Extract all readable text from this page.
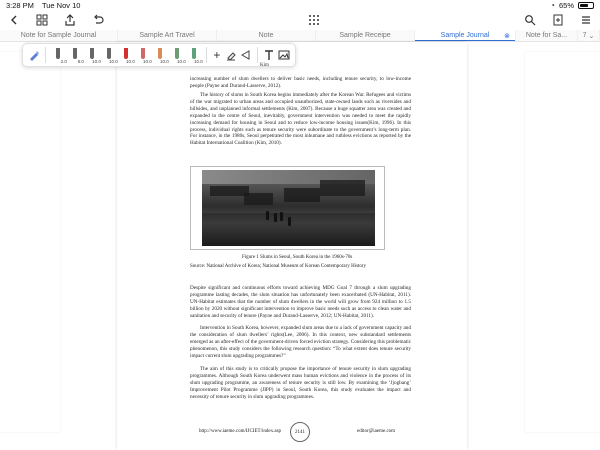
3:28 PM Tue Nov 10	◔ 65%
Note for Sample Journal	Sample Art Travel	Note	Sample Receipe	Sample Journal ⊗ Note for Sa... 7 ⌄
2.0 8.0 10.0 10.0 10.0 10.0 10.0 10.0 10.0 +
Kim

increasing number of slum dwellers to deliver basic needs, including tenure security, to low-income people (Payne and Durand-Lasserve, 2012).

The history of slums in South Korea begins immediately after the Korean War. Refugees and victims of the war migrated to urban areas and occupied unauthorized, state-owned lands such as riversides and hillsides, and unplanned informal settlements (Kim, 2007). Because a huge squatter area was created and expanded in the centre of Seoul, inevitably, government intervention was needed to meet the rapidly increasing demand for housing in Seoul and to reduce low-income housing issues(Kim, 1996). In this process, individual rights such as tenure security were subordinate to the government’s long-term plan. For instance, in the 1980s, Seoul perpetrated the most inhumane and ruthless evictions as reported by the Habitat International Coalition (Kim, 2010).

Figure 1 Slums in Seoul, South Korea in the 1960s-70s
Source: National Archive of Korea; National Museum of Korean Contemporary History

Despite significant and continuous efforts toward achieving MDG Goal 7 through a slum upgrading programme lasting decades, the slum situation has unfortunately been exacerbated (UN-Habitat, 2011). UN-Habitat estimates that the number of slum dwellers in the world will grow from 924 million to 1.5 billion by 2020 without significant intervention to improve basic needs such as access to clean water and sanitation and security of tenure (Payne and Durand-Lasserve, 2012; UN-Habitat, 2011).

Intervention in South Korea, however, expanded slum areas due to a lack of government capacity and the consideration of slum dwellers’ rights(Lee, 2006). In this context, new substandard settlements emerged as an after-effect of the government-driven forced eviction strategy. Considering this problematic phenomenon, this study considers the following research question: “To what extent does tenure security impact current slum upgrading programmes?”

The aim of this study is to critically propose the importance of tenure security in slum upgrading programmes. Although South Korea underwent mass human evictions and violence in the process of its slum upgrading programme, an awareness of tenure security is still low. By examining the ‘Jjogbang’ Improvement Pilot Programme (JIPP) in Seoul, South Korea, this study evaluates the impact and necessity of tenure security in slum upgrading programmes.

http://www.iaeme.com/IJCIET/index.asp	2141	editor@iaeme.com
